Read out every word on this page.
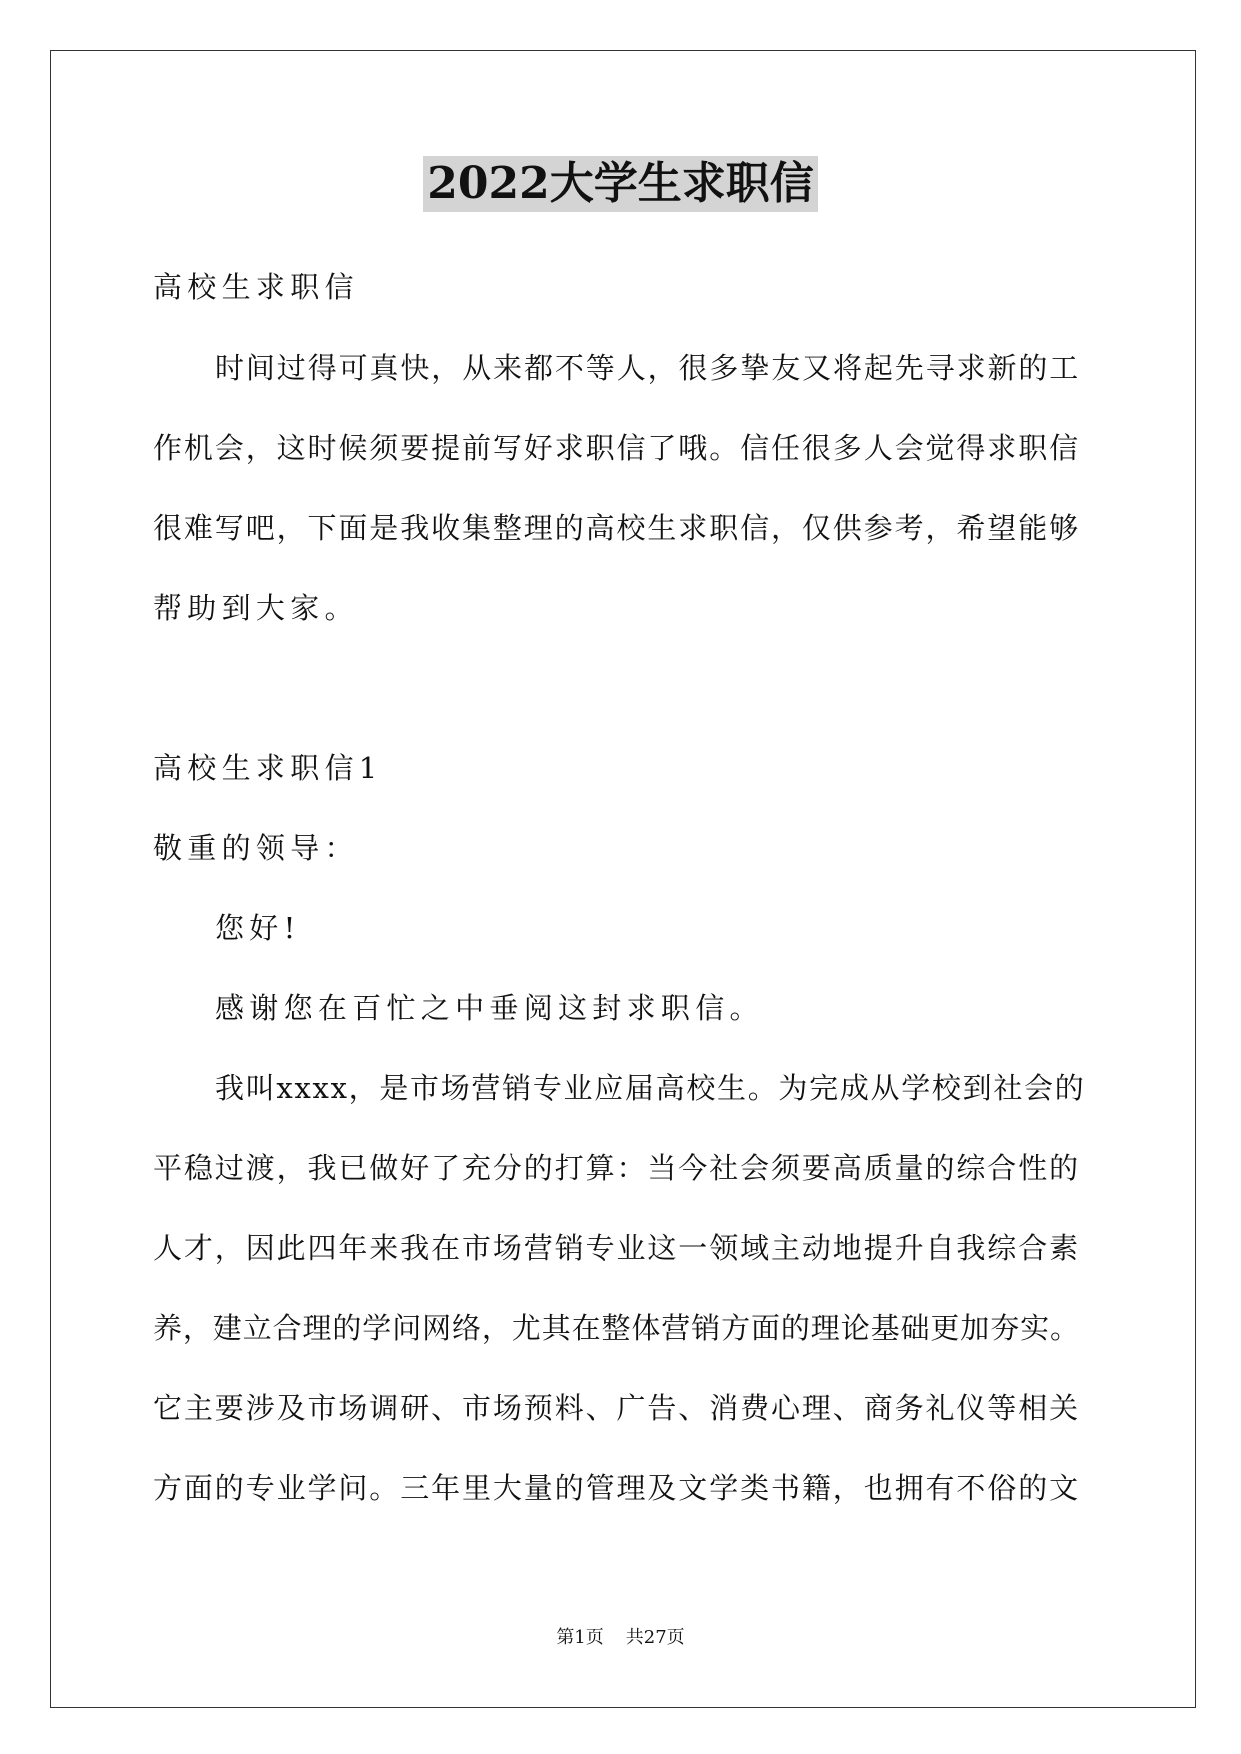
2022大学生求职信
高校生求职信
时间过得可真快，从来都不等人，很多挚友又将起先寻求新的工
作机会，这时候须要提前写好求职信了哦。信任很多人会觉得求职信
很难写吧，下面是我收集整理的高校生求职信，仅供参考，希望能够
帮助到大家。
高校生求职信1
敬重的领导：
您好!
感谢您在百忙之中垂阅这封求职信。
我叫xxxx，是市场营销专业应届高校生。为完成从学校到社会的
平稳过渡，我已做好了充分的打算：当今社会须要高质量的综合性的
人才，因此四年来我在市场营销专业这一领域主动地提升自我综合素
养，建立合理的学问网络，尤其在整体营销方面的理论基础更加夯实。
它主要涉及市场调研、市场预料、广告、消费心理、商务礼仪等相关
方面的专业学问。三年里大量的管理及文学类书籍，也拥有不俗的文
第1页 共27页
